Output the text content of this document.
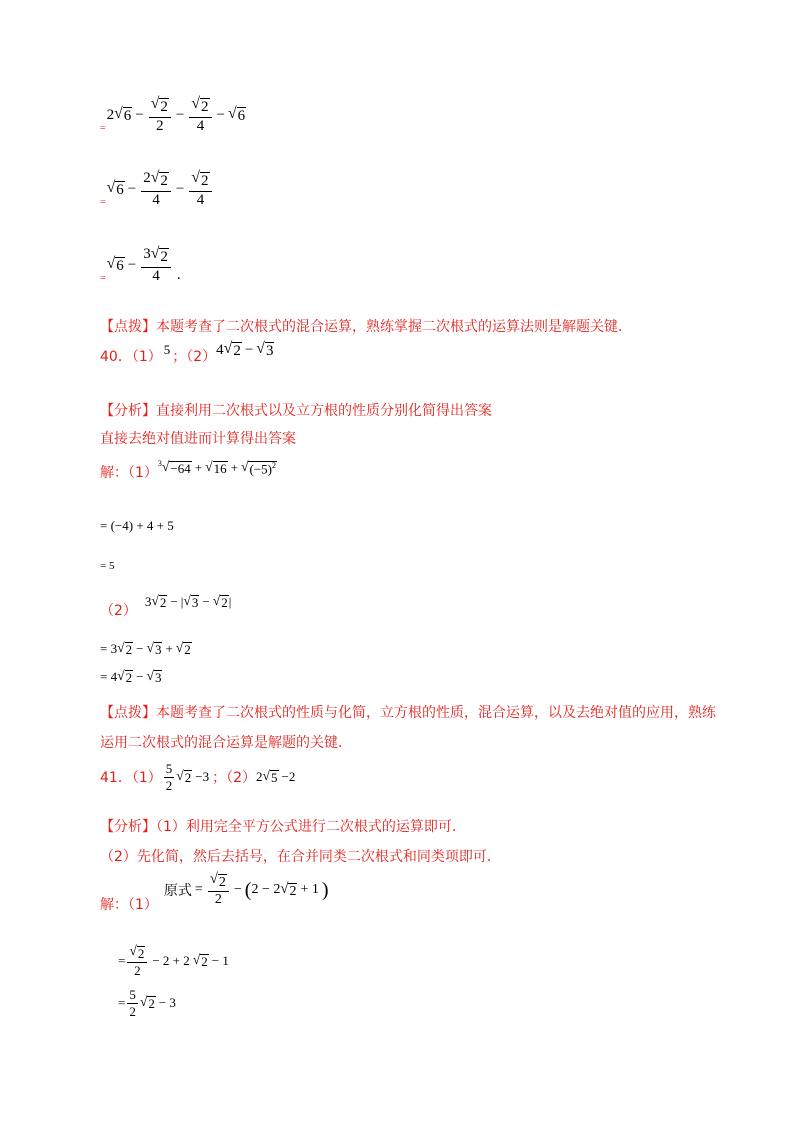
=
2 √ $6 - \frac{√ 2}{2} - \frac{√ 2}{4}$ − √ 6
=
√ $6 - \frac{2 √ 2}{4} - \frac{√ 2}{4}$
=
√ $6 - \frac{3 √ 2}{4}$ .
【点拨】本题考查了二次根式的混合运算，熟练掌握二次根式的运算法则是解题关键.
40．（1） 5 ；（2） 4 √ 2 − √ 3
【分析】直接利用二次根式以及立方根的性质分别化简得出答案
直接去绝对值进而计算得出答案
解：（1）
3 √ −64 + √ 16 + √ $(-5)^2$
= (−4) + 4 + 5
= 5
（2）
3 √ 2 − | √ 3 − √ 2 |
= 3 √ 2 − √ 3 + √ 2
= 4 √ 2 − √ 3
【点拨】本题考查了二次根式的性质与化简，立方根的性质，混合运算，以及去绝对值的应用，熟练
运用二次根式的混合运算是解题的关键.
41．$(1) \frac{5}{2}$ √ 2 −3 ；（2） 2 √ 5 −2
【分析】（1）利用完全平方公式进行二次根式的运算即可.
（2）先化简，然后去括号，在合并同类二次根式和同类项即可.
解：（1）
原式 = $\frac{√ 2}{2}$ − ( 2 − 2 √ 2 + 1 )
= $\frac{√ 2}{2} - 2 + 2$ √ 2 − 1
= $\frac{5}{2}$ √ 2 − 3
